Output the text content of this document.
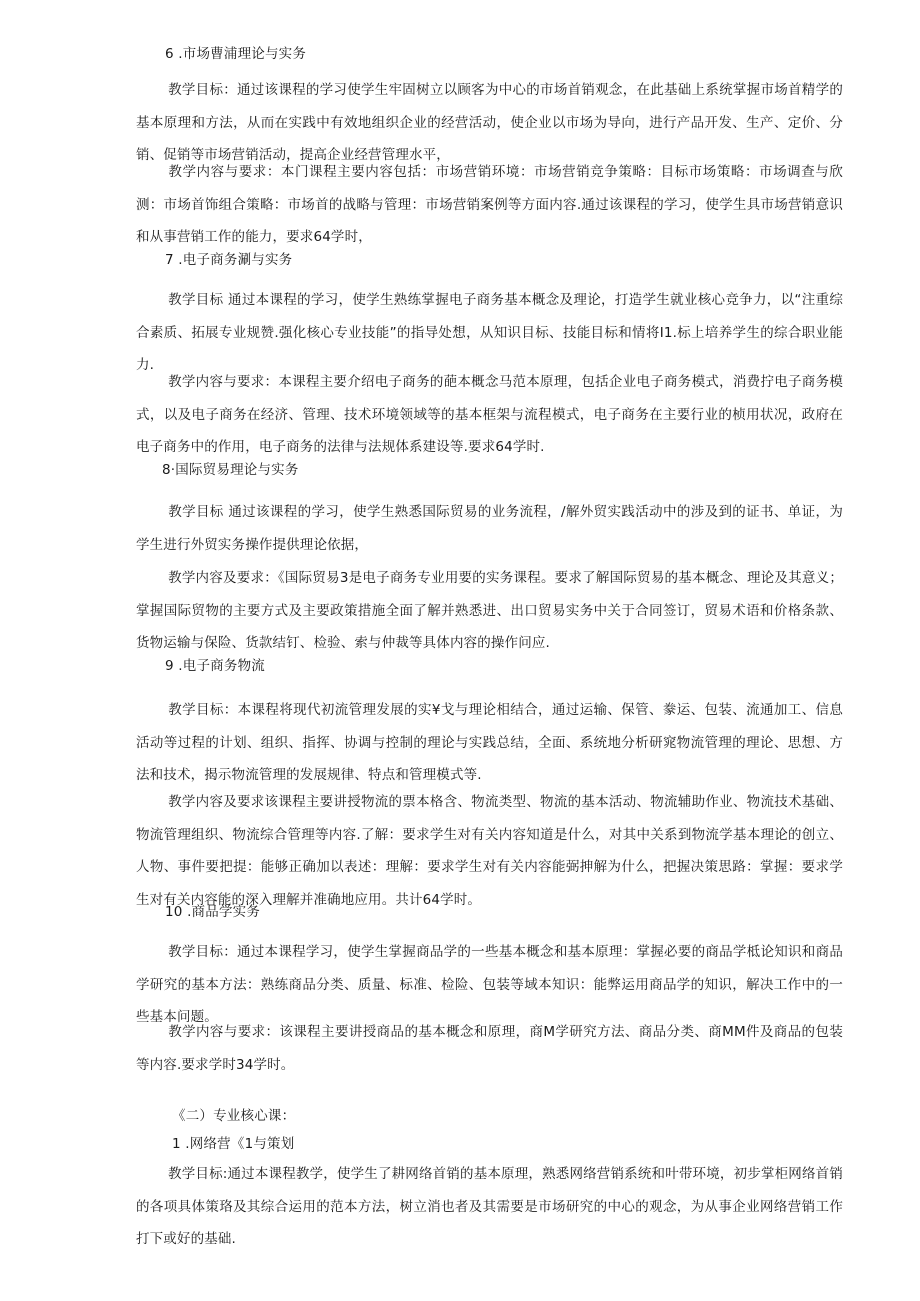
6 .市场曹浦理论与实务
教学目标：通过该课程的学习使学生牢固树立以顾客为中心的市场首销观念，在此基础上系统掌握市场首精学的基本原理和方法，从而在实践中有效地组织企业的经营活动，使企业以市场为导向，进行产品开发、生产、定价、分销、促销等市场营销活动，提高企业经营管理水平，
教学内容与要求：本门课程主要内容包括：市场营销环境：市场营销竞争策略：目标市场策略：市场调查与欣测：市场首饰组合策略：市场首的战略与管理：市场营销案例等方面内容.通过该课程的学习，使学生具市场营销意识和从事营销工作的能力，要求64学时，
7 .电子商务涮与实务
教学目标 通过本课程的学习，使学生熟练掌握电子商务基本概念及理论，打造学生就业核心竞争力，以“注重综合素质、拓展专业规赞.强化核心专业技能”的指导处想，从知识目标、技能目标和情将I1.标上培养学生的综合职业能力.
教学内容与要求：本课程主要介绍电子商务的葩本概念马范本原理，包括企业电子商务模式，消费拧电子商务模式，以及电子商务在经济、管理、技术环境领域等的基本框架与流程模式，电子商务在主要行业的桢用状况，政府在电子商务中的作用，电子商务的法律与法规体系建设等.要求64学时.
8·国际贸易理论与实务
教学目标 通过该课程的学习，使学生熟悉国际贸易的业务流程，/解外贸实践活动中的涉及到的证书、单证，为学生进行外贸实务操作提供理论依据，
教学内容及要求：《国际贸易3是电子商务专业用要的实务课程。要求了解国际贸易的基本概念、理论及其意义；掌握国际贸物的主要方式及主要政策措施全面了解并熟悉进、出口贸易实务中关于合同签订，贸易术语和价格条款、货物运输与保险、货款结钉、检验、索与仲裁等具体内容的操作问应.
9 .电子商务物流
教学目标：本课程将现代初流管理发展的实¥戈与理论相结合，通过运输、保管、豢运、包装、流通加工、信息活动等过程的计划、组织、指挥、协调与控制的理论与实践总结，全面、系统地分析研窕物流管理的理论、思想、方法和技术，揭示物流管理的发展规律、特点和管理模式等.
教学内容及要求该课程主要讲授物流的票本格含、物流类型、物流的基本活动、物流辅助作业、物流技术基础、物流管理组织、物流综合管理等内容.了解：要求学生对有关内容知道是什么，对其中关系到物流学基本理论的创立、人物、事件要把提：能够正确加以表述：理解：要求学生对有关内容能弼抻解为什么，把握决策思路：掌握：要求学生对有关内容能的深入理解并准确地应用。共计64学时。
10 .商品学实务
教学目标：通过本课程学习，使学生掌握商品学的一些基本概念和基本原理：掌握必要的商品学柢论知识和商品学研究的基本方法：熟练商品分类、质量、标准、检险、包装等域本知识：能弊运用商品学的知识，解决工作中的一些基本问题。
教学内容与要求：该课程主要讲授商品的基本概念和原理，商M学研究方法、商品分类、商MM件及商品的包装等内容.要求学时34学时。
《二）专业核心课：
1 .网络营《1与策划
教学目标:通过本课程教学，使学生了耕网络首销的基本原理，熟悉网络营销系统和叶带环境，初步掌柜网络首销的各项具体策珞及其综合运用的范本方法，树立消也者及其需要是市场研究的中心的观念，为从事企业网络营销工作打下或好的基础.
